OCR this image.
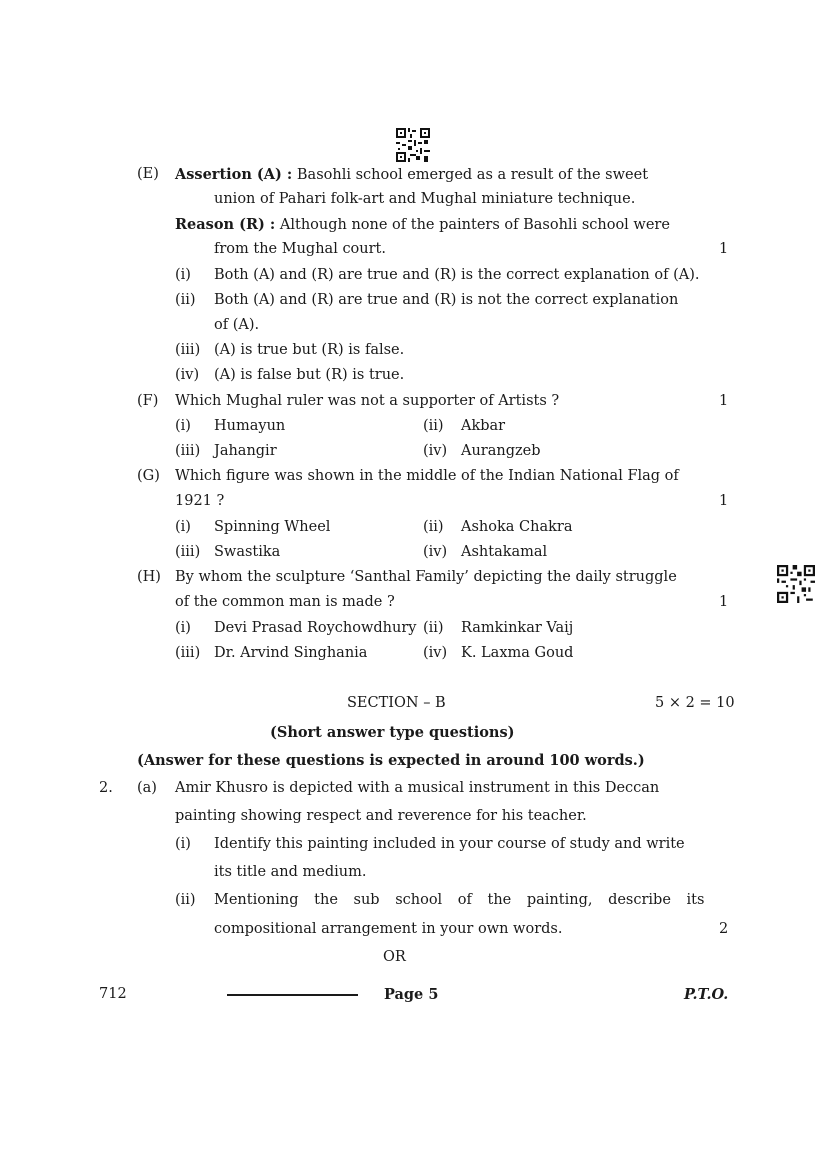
(E) Assertion (A) : Basohli school emerged as a result of the sweet
union of Pahari folk-art and Mughal miniature technique.
Reason (R) : Although none of the painters of Basohli school were
from the Mughal court.	1
(i) Both (A) and (R) are true and (R) is the correct explanation of (A).
(ii) Both (A) and (R) are true and (R) is not the correct explanation
of (A).
(iii) (A) is true but (R) is false.
(iv) (A) is false but (R) is true.
(F) Which Mughal ruler was not a supporter of Artists ?	1
(i) Humayun	(ii) Akbar
(iii) Jahangir	(iv) Aurangzeb
(G) Which figure was shown in the middle of the Indian National Flag of
1921 ?	1
(i) Spinning Wheel	(ii) Ashoka Chakra
(iii) Swastika	(iv) Ashtakamal
(H) By whom the sculpture ‘Santhal Family’ depicting the daily struggle
of the common man is made ?	1
(i) Devi Prasad Roychowdhury (ii) Ramkinkar Vaij
(iii) Dr. Arvind Singhania	(iv) K. Laxma Goud
SECTION – B	5 × 2 = 10
(Short answer type questions)
(Answer for these questions is expected in around 100 words.)
2. (a) Amir Khusro is depicted with a musical instrument in this Deccan
painting showing respect and reverence for his teacher.
(i) Identify this painting included in your course of study and write
its title and medium.
(ii) Mentioning the sub school of the painting, describe its
compositional arrangement in your own words.	2
OR
712	Page 5	P.T.O.
